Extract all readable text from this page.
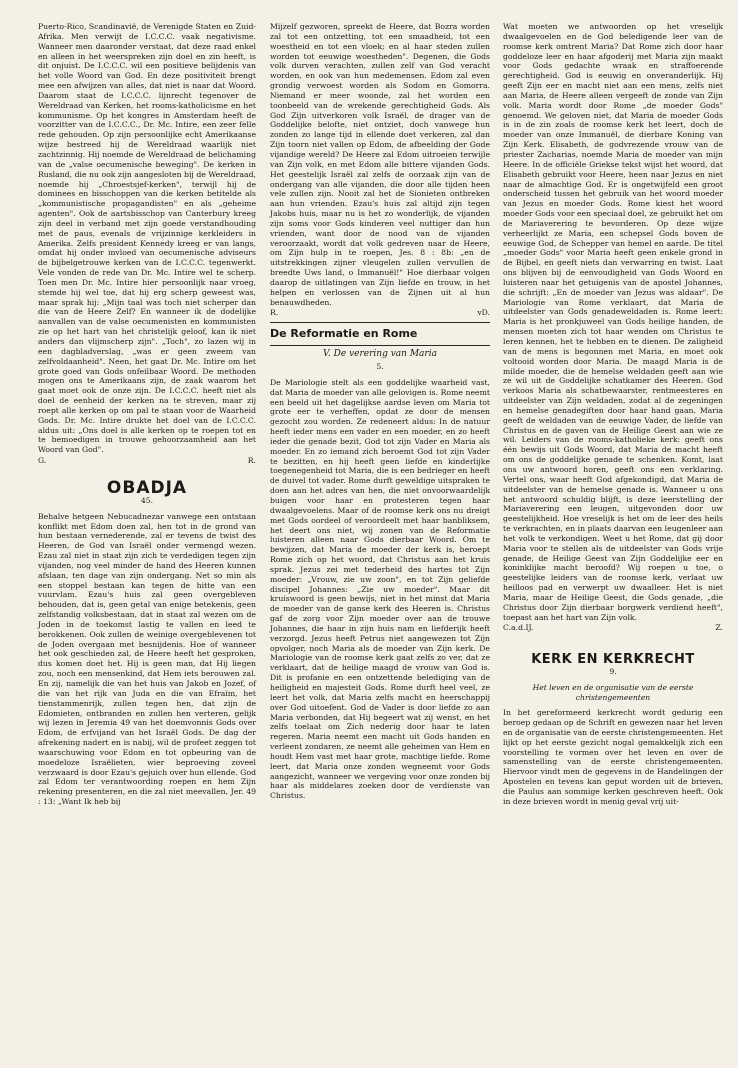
Puerto-Rico, Scandinavië, de Verenigde Staten en Zuid-Afrika. Men verwijt de I.C.C.C. vaak negativisme. Wanneer men daaronder verstaat, dat deze raad enkel en alleen in het weerspreken zijn doel en zin heeft, is dit onjuist. De I.C.C.C. wil een positieve belijdenis van het volle Woord van God. En deze positiviteit brengt mee een afwijzen van alles, dat niet is naar dat Woord. Daarom staat de I.C.C.C. lijnrecht tegenover de Wereldraad van Kerken, het rooms-katholicisme en het kommunisme. Op het kongres in Amsterdam heeft de voorzitter van de I.C.C.C., Dr. Mc. Intire, een zeer felle rede gehouden. Op zijn persoonlijke echt Amerikaanse wijze bestreed hij de Wereldraad waarlijk niet zachtzinnig. Hij noemde de Wereldraad de belichaming van de „valse oecumenische beweging". De kerken in Rusland, die nu ook zijn aangesloten bij de Wereldraad, noemde hij „Chroestsjef-kerken", terwijl hij de dominees en bisschoppen van die kerken betitelde als „kommunistische propagandisten" en als „geheime agenten". Ook de aartsbisschop van Canterbury kreeg zijn deel in verband met zijn goede verstandhouding met de paus, evenals de vrijzinnige kerkleiders in Amerika. Zelfs president Kennedy kreeg er van langs, omdat hij onder invloed van oecumenische adviseurs de bijbelgetrouwe kerken van de I.C.C.C. tegenwerkt. Vele vonden de rede van Dr. Mc. Intire wel te scherp. Toen men Dr. Mc. Intire hier persoonlijk naar vroeg, stemde hij wel toe, dat hij erg scherp geweest was, maar sprak hij: „Mijn taal was toch niet scherper dan die van de Heere Zelf? En wanneer ik de dodelijke aanvallen van de valse oecumenisten en kommunisten zie op het hart van het christelijk geloof, kan ik niet anders dan vlijmscherp zijn". „Toch", zo lazen wij in een dagbladverslag, „was er geen zweem van zelfvoldaanheid". Neen, het gaat Dr. Mc. Intire om het grote goed van Gods onfeilbaar Woord. De methoden mogen ons te Amerikaans zijn, de zaak waarom het gaat moet ook de onze zijn. De I.C.C.C. heeft niet als doel de eenheid der kerken na te streven, maar zij roept alle kerken op om pal te staan voor de Waarheid Gods. Dr. Mc. Intire drukte het doel van de I.C.C.C. aldus uit: „Ons doel is alle kerken op te roepen tot en te bemoedigen in trouwe gehoorzaamheid aan het Woord van God".

G.	R.
OBADJA
45.

Behalve hetgeen Nebucadnezar vanwege een ontstaan konflikt met Edom doen zal, hen tot in de grond van hun bestaan vernederende, zal er tevens de twist des Heeren, de God van Israël onder vermengd wezen. Ezau zal niet in staat zijn zich te verdedigen tegen zijn vijanden, nog veel minder de hand des Heeren kunnen afslaan, ten dage van zijn ondergang. Net so min als een stoppel bestaan kan tegen de hitte van een vuurvlam. Ezau's huis zal geen overgebleven behouden, dat is, geen getal van enige betekenis, geen zelfstandig volksbestaan, dat in staat zal wezen om de Joden in de toekomst lastig te vallen en leed te berokkenen. Ook zullen de weinige overgeblevenen tot de Joden overgaan met besnijdenis. Hoe of wanneer het ook geschieden zal, de Heere heeft het gesproken, dus komen doet het. Hij is geen man, dat Hij liegen zou, noch een mensenkind, dat Hem iets berouwen zal. En zij, namelijk die van het huis van Jakob en Jozef, of die van het rijk van Juda en die van Efraïm, het tienstammenrijk, zullen tegen hen, dat zijn de Edomieten, ontbranden en zullen hen verteren, gelijk wij lezen in Jeremia 49 van het doemvonnis Gods over Edom, de erfvijand van het Israël Gods. De dag der afrekening nadert en is nabij, wil de profeet zeggen tot waarschuwing voor Edom en tot opbeuring van de moedeloze Israëlieten, wier beproeving zoveel verzwaard is door Ezau's gejuich over hun ellende. God zal Edom ter verantwoording roepen en hem Zijn rekening presenteren, en die zal niet meevallen, Jer. 49 : 13: „Want Ik heb bij

Mijzelf gezworen, spreekt de Heere, dat Bozra worden zal tot een ontzetting, tot een smaadheid, tot een woestheid en tot een vloek; en al haar steden zullen worden tot eeuwige woestheden". Degenen, die Gods volk durven verachten, zullen zelf van God veracht worden, en ook van hun medemensen. Edom zal even grondig verwoest worden als Sodom en Gomorra. Niemand er meer woonde, zal het worden een toonbeeld van de wrekende gerechtigheid Gods. Als God Zijn uitverkoren volk Israël, de drager van de Goddelijke belofte, niet ontziet, doch vanwege hun zonden zo lange tijd in ellende doet verkeren, zal dan Zijn toorn niet vallen op Edom, de afbeelding der Gode vijandige wereld? De Heere zal Edom uitroeien terwijle van Zijn volk, en met Edom alle bittere vijanden Gods. Het geestelijk Israël zal zelfs de oorzaak zijn van de ondergang van alle vijanden, die door alle tijden heen vele zullen zijn. Nooit zal het de Sionieten ontbreken aan hun vrienden. Ezau's huis zal altijd zijn tegen Jakobs huis, maar nu is het zo wonderlijk, de vijanden zijn soms voor Gods kinderen veel nuttiger dan hun vrienden, want door de nood van de vijanden veroorzaakt, wordt dat volk gedreven naar de Heere, om Zijn hulp in te roepen, Jes. 8 : 8b: „en de uitstrekkingen zijner vleugelen zullen vervullen de breedte Uws land, o Immanuël!" Hoe dierbaar volgen daarop de uitlatingen van Zijn liefde en trouw, in het helpen en verlossen van de Zijnen uit al hun benauwdheden.

R.	vD.
De Reformatie en Rome
V. De verering van Maria
5.

De Mariologie stelt als een goddelijke waarheid vast, dat Maria de moeder van alle gelovigen is. Rome neemt een beeld uit het dagelijkse aardse leven om Maria tot grote eer te verheffen, opdat ze door de mensen gezocht zou worden. Ze redeneert aldus: In de natuur heeft ieder mens een vader en een moeder, en zo heeft ieder die genade bezit, God tot zijn Vader en Maria als moeder. En zo iemand zich beroemt God tot zijn Vader te bezitten, en hij heeft geen liefde en kinderlijke toegenegenheid tot Maria, die is een bedrieger en heeft de duivel tot vader. Rome durft geweldige uitspraken te doen aan het adres van hen, die niet onvoorwaardelijk buigen voor haar en protesteren tegen haar dwaalgevoelens. Maar of de roomse kerk ons nu dreigt met Gods oordeel of veroordeelt met haar banbliksem, het deert ons niet, wij zonen van de Reformatie luisteren alleen naar Gods dierbaar Woord. Om te bewijzen, dat Maria de moeder der kerk is, beroept Rome zich op het woord, dat Christus aan het kruis sprak. Jezus zei met tederheid des hartes tot Zijn moeder: „Vrouw, zie uw zoon", en tot Zijn geliefde discipel Johannes: „Zie uw moeder". Maar dit kruiswoord is geen bewijs, niet in het minst dat Maria de moeder van de ganse kerk des Heeren is. Christus gaf de zorg voor Zijn moeder over aan de trouwe Johannes, die haar in zijn huis nam en liefderijk heeft verzorgd. Jezus heeft Petrus niet aangewezen tot Zijn opvolger, noch Maria als de moeder van Zijn kerk. De Mariologie van de roomse kerk gaat zelfs zo ver, dat ze verklaart, dat de heilige maagd de vrouw van God is. Dit is profanie en een ontzettende belediging van de heiligheid en majesteit Gods. Rome durft heel veel, ze leert het volk, dat Maria zelfs macht en heerschappij over God uitoefent. God de Vader is door liefde zo aan Maria verbonden, dat Hij begeert wat zij wenst, en het zelfs toelaat om Zich nederig door haar te laten regeren. Maria neemt een macht uit Gods handen en verleent zondaren, ze neemt alle geheimen van Hem en houdt Hem vast met haar grote, machtige liefde. Rome leert, dat Maria onze zonden wegneemt voor Gods aangezicht, wanneer we vergeving voor onze zonden bij haar als middelares zoeken door de verdienste van Christus.

Wat moeten we antwoorden op het vreselijk dwaalgevoelen en de God beledigende leer van de roomse kerk omtrent Maria? Dat Rome zich door haar goddeloze leer en haar afgoderij met Maria zijn maakt voor Gods gedachte wraak en straffoerende gerechtigheid. God is eeuwig en onveranderlijk. Hij geeft Zijn eer en macht niet aan een mens, zelfs niet aan Maria, de Heere alleen vergeeft de zonde van Zijn volk. Maria wordt door Rome „de moeder Gods" genoemd. We geloven niet, dat Maria de moeder Gods is in de zin zoals de roomse kerk het leert, doch de moeder van onze Immanuël, de dierbare Koning van Zijn Kerk. Elisabeth, de godvrezende vrouw van de priester Zacharias, noemde Maria de moeder van mijn Heere. In de officiële Griekse tekst wijst het woord, dat Elisabeth gebruikt voor Heere, heen naar Jezus en niet naar de almachtige God. Er is ongetwijfeld een groot onderscheid tussen het gebruik van het woord moeder van Jezus en moeder Gods. Rome kiest het woord moeder Gods voor een speciaal doel, ze gebruikt het om de Mariaverering te bevorderen. Op deze wijze verheerlijkt ze Maria, een schepsel Gods boven de eeuwige God, de Schepper van hemel en aarde. De titel „moeder Gods" voor Maria heeft geen enkele grond in de Bijbel, en geeft niets dan verwarring en twist. Laat ons blijven bij de eenvoudigheid van Gods Woord en luisteren naar het getuigenis van de apostel Johannes, die schrijft: „En de moeder van Jezus was aldaar". De Mariologie van Rome verklaart, dat Maria de uitdeelster van Gods genadeweldaden is. Rome leert: Maria is het pronkjuweel van Gods heilige handen, de mensen moeten zich tot haar wenden om Christus te leren kennen, het te hebben en te dienen. De zaligheid van de mens is begonnen met Maria, en moet ook voltooid worden door Maria. De maagd Maria is de milde moeder, die de hemelse weldaden geeft aan wie ze wil uit de Goddelijke schatkamer des Heeren. God verkoos Maria als schatbewaarster, rentmeesteres en uitdeelster van Zijn weldaden, zodat al de zegeningen en hemelse genadegiften door haar hand gaan. Maria geeft de weldaden van de eeuwige Vader, de liefde van Christus en de gaven van de Heilige Geest aan wie ze wil. Leiders van de rooms-katholieke kerk: geeft ons één bewijs uit Gods Woord, dat Maria de macht heeft om ons de goddelijke genade te schenken. Komt, laat ons uw antwoord horen, geeft ons een verklaring. Vertel ons, waar heeft God afgekondigd, dat Maria de uitdeelster van de hemelse genade is. Wanneer u ons het antwoord schuldig blijft, is deze leerstelling der Mariaverering een leugen, uitgevonden door uw geestelijkheid. Hoe vreselijk is het om de leer des heils te verkrachten, en in plaats daarvan een leugenleer aan het volk te verkondigen. Weet u het Rome, dat gij door Maria voor te stellen als de uitdeelster van Gods vrije genade, de Heilige Geest van Zijn Goddelijke eer en koninklijke macht beroofd? Wij roepen u toe, o geestelijke leiders van de roomse kerk, verlaat uw heilloos pad en verwerpt uw dwaalleer. Het is niet Maria, maar de Heilige Geest, die Gods genade, „die Christus door Zijn dierbaar borgwerk verdiend heeft", toepast aan het hart van Zijn volk.

C.a.d.IJ.	Z.
KERK EN KERKRECHT
9.
Het leven en de organisatie van de eerste christengemeenten

In het gereformeerd kerkrecht wordt gedurig een beroep gedaan op de Schrift en gewezen naar het leven en de organisatie van de eerste christengemeenten. Het lijkt op het eerste gezicht nogal gemakkelijk zich een voorstelling te vormen over het leven en over de samenstelling van de eerste christengemeenten. Hiervoor vindt men de gegevens in de Handelingen der Apostelen en tevens kan geput worden uit de brieven, die Paulus aan sommige kerken geschreven heeft. Ook in deze brieven wordt in menig geval vrij uit-
